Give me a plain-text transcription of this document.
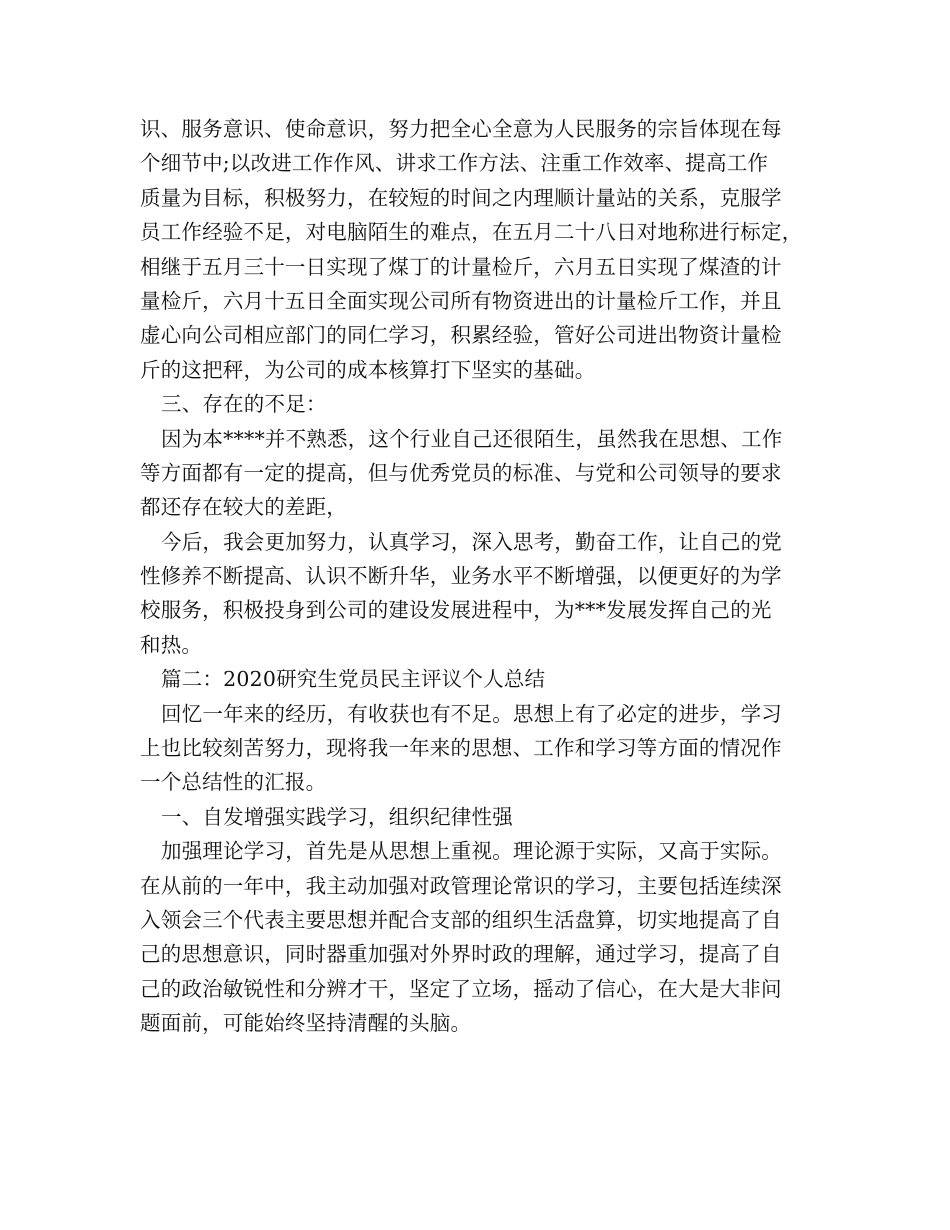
识、服务意识、使命意识，努力把全心全意为人民服务的宗旨体现在每
个细节中;以改进工作作风、讲求工作方法、注重工作效率、提高工作
质量为目标，积极努力，在较短的时间之内理顺计量站的关系，克服学
员工作经验不足，对电脑陌生的难点，在五月二十八日对地称进行标定，
相继于五月三十一日实现了煤丁的计量检斤，六月五日实现了煤渣的计
量检斤，六月十五日全面实现公司所有物资进出的计量检斤工作，并且
虚心向公司相应部门的同仁学习，积累经验，管好公司进出物资计量检
斤的这把秤，为公司的成本核算打下坚实的基础。
三、存在的不足：
因为本****并不熟悉，这个行业自己还很陌生，虽然我在思想、工作
等方面都有一定的提高，但与优秀党员的标准、与党和公司领导的要求
都还存在较大的差距，
今后，我会更加努力，认真学习，深入思考，勤奋工作，让自己的党
性修养不断提高、认识不断升华，业务水平不断增强，以便更好的为学
校服务，积极投身到公司的建设发展进程中，为***发展发挥自己的光
和热。
篇二：2020研究生党员民主评议个人总结
回忆一年来的经历，有收获也有不足。思想上有了必定的进步，学习
上也比较刻苦努力，现将我一年来的思想、工作和学习等方面的情况作
一个总结性的汇报。
一、自发增强实践学习，组织纪律性强
加强理论学习，首先是从思想上重视。理论源于实际，又高于实际。
在从前的一年中，我主动加强对政管理论常识的学习，主要包括连续深
入领会三个代表主要思想并配合支部的组织生活盘算，切实地提高了自
己的思想意识，同时器重加强对外界时政的理解，通过学习，提高了自
己的政治敏锐性和分辨才干，坚定了立场，摇动了信心，在大是大非问
题面前，可能始终坚持清醒的头脑。
